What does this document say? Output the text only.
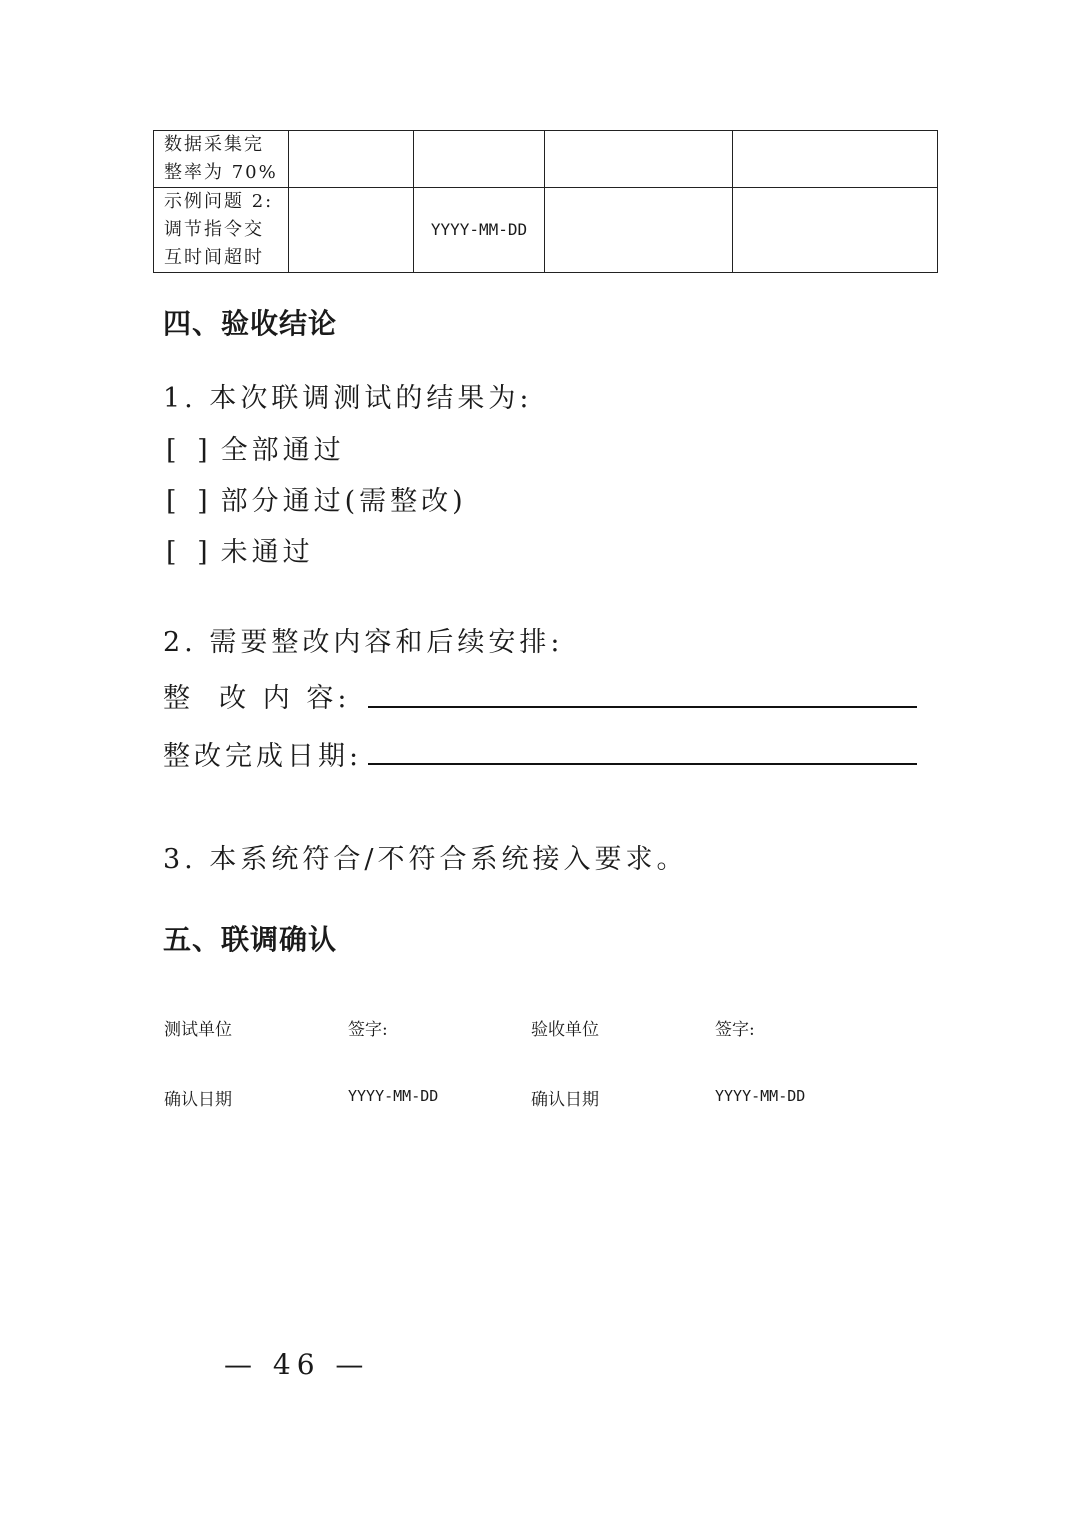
数据采集完
整率为 70%				

示例问题 2:
调节指令交
互时间超时		YYYY-MM-DD		
四、验收结论
1. 本次联调测试的结果为:
[ ] 全部通过
[ ] 部分通过(需整改)
[ ] 未通过
2. 需要整改内容和后续安排:
整  改 内 容:
整改完成日期:
3. 本系统符合/不符合系统接入要求。
五、联调确认
测试单位	签字:	验收单位	签字:
确认日期	YYYY-MM-DD	确认日期	YYYY-MM-DD
— 46 —
